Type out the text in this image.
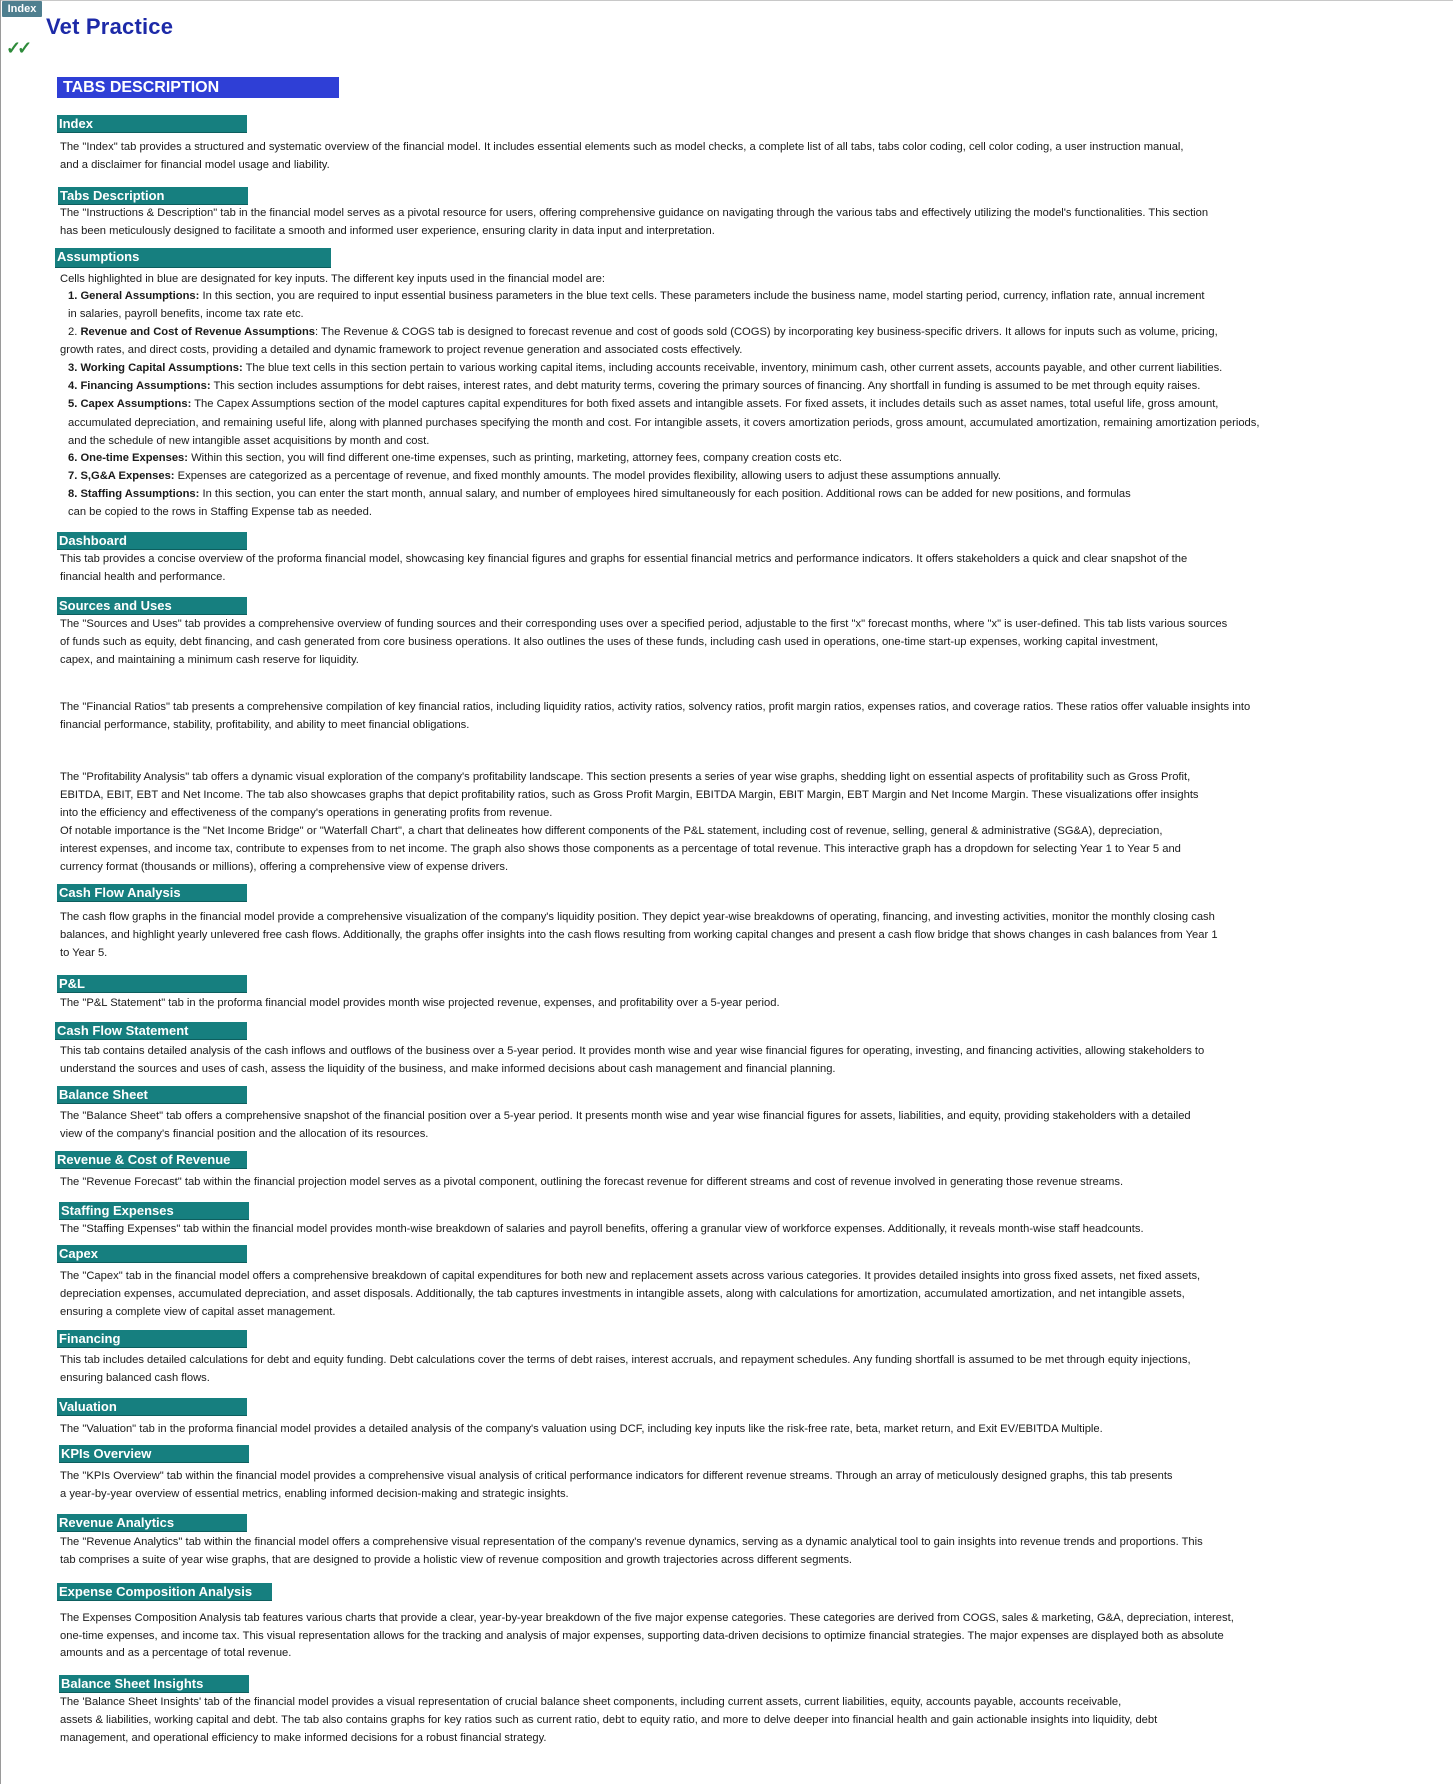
Index
Vet Practice
✓✓
TABS DESCRIPTION
Index
The "Index" tab provides a structured and systematic overview of the financial model. It includes essential elements such as model checks, a complete list of all tabs, tabs color coding, cell color coding, a user instruction manual,
and a disclaimer for financial model usage and liability.
Tabs Description
The "Instructions & Description" tab in the financial model serves as a pivotal resource for users, offering comprehensive guidance on navigating through the various tabs and effectively utilizing the model's functionalities. This section
has been meticulously designed to facilitate a smooth and informed user experience, ensuring clarity in data input and interpretation.
Assumptions
Cells highlighted in blue are designated for key inputs. The different key inputs used in the financial model are:
1. General Assumptions: In this section, you are required to input essential business parameters in the blue text cells. These parameters include the business name, model starting period, currency, inflation rate, annual increment
in salaries, payroll benefits, income tax rate etc.
2. Revenue and Cost of Revenue Assumptions: The Revenue & COGS tab is designed to forecast revenue and cost of goods sold (COGS) by incorporating key business-specific drivers. It allows for inputs such as volume, pricing,
growth rates, and direct costs, providing a detailed and dynamic framework to project revenue generation and associated costs effectively.
3. Working Capital Assumptions: The blue text cells in this section pertain to various working capital items, including accounts receivable, inventory, minimum cash, other current assets, accounts payable, and other current liabilities.
4. Financing Assumptions: This section includes assumptions for debt raises, interest rates, and debt maturity terms, covering the primary sources of financing. Any shortfall in funding is assumed to be met through equity raises.
5. Capex Assumptions: The Capex Assumptions section of the model captures capital expenditures for both fixed assets and intangible assets. For fixed assets, it includes details such as asset names, total useful life, gross amount,
accumulated depreciation, and remaining useful life, along with planned purchases specifying the month and cost. For intangible assets, it covers amortization periods, gross amount, accumulated amortization, remaining amortization periods,
and the schedule of new intangible asset acquisitions by month and cost.
6. One-time Expenses: Within this section, you will find different one-time expenses, such as printing, marketing, attorney fees, company creation costs etc.
7. S,G&A Expenses: Expenses are categorized as a percentage of revenue, and fixed monthly amounts. The model provides flexibility, allowing users to adjust these assumptions annually.
8. Staffing Assumptions: In this section, you can enter the start month, annual salary, and number of employees hired simultaneously for each position. Additional rows can be added for new positions, and formulas
can be copied to the rows in Staffing Expense tab as needed.
Dashboard
This tab provides a concise overview of the proforma financial model, showcasing key financial figures and graphs for essential financial metrics and performance indicators. It offers stakeholders a quick and clear snapshot of the
financial health and performance.
Sources and Uses
The "Sources and Uses" tab provides a comprehensive overview of funding sources and their corresponding uses over a specified period, adjustable to the first "x" forecast months, where "x" is user-defined. This tab lists various sources
of funds such as equity, debt financing, and cash generated from core business operations. It also outlines the uses of these funds, including cash used in operations, one-time start-up expenses, working capital investment,
capex, and maintaining a minimum cash reserve for liquidity.
The "Financial Ratios" tab presents a comprehensive compilation of key financial ratios, including liquidity ratios, activity ratios, solvency ratios, profit margin ratios, expenses ratios, and coverage ratios. These ratios offer valuable insights into
financial performance, stability, profitability, and ability to meet financial obligations.
The "Profitability Analysis" tab offers a dynamic visual exploration of the company's profitability landscape. This section presents a series of year wise graphs, shedding light on essential aspects of profitability such as Gross Profit,
EBITDA, EBIT, EBT and Net Income. The tab also showcases graphs that depict profitability ratios, such as Gross Profit Margin, EBITDA Margin, EBIT Margin, EBT Margin and Net Income Margin. These visualizations offer insights
into the efficiency and effectiveness of the company's operations in generating profits from revenue.
Of notable importance is the "Net Income Bridge" or "Waterfall Chart", a chart that delineates how different components of the P&L statement, including cost of revenue, selling, general & administrative (SG&A), depreciation,
interest expenses, and income tax, contribute to expenses from to net income. The graph also shows those components as a percentage of total revenue. This interactive graph has a dropdown for selecting Year 1 to Year 5 and
currency format (thousands or millions), offering a comprehensive view of expense drivers.
Cash Flow Analysis
The cash flow graphs in the financial model provide a comprehensive visualization of the company's liquidity position. They depict year-wise breakdowns of operating, financing, and investing activities, monitor the monthly closing cash
balances, and highlight yearly unlevered free cash flows. Additionally, the graphs offer insights into the cash flows resulting from working capital changes and present a cash flow bridge that shows changes in cash balances from Year 1
to Year 5.
P&L
The "P&L Statement" tab in the proforma financial model provides month wise projected revenue, expenses, and profitability over a 5-year period.
Cash Flow Statement
This tab contains detailed analysis of the cash inflows and outflows of the business over a 5-year period. It provides month wise and year wise financial figures for operating, investing, and financing activities, allowing stakeholders to
understand the sources and uses of cash, assess the liquidity of the business, and make informed decisions about cash management and financial planning.
Balance Sheet
The "Balance Sheet" tab offers a comprehensive snapshot of the financial position over a 5-year period. It presents month wise and year wise financial figures for assets, liabilities, and equity, providing stakeholders with a detailed
view of the company's financial position and the allocation of its resources.
Revenue & Cost of Revenue
The "Revenue Forecast" tab within the financial projection model serves as a pivotal component, outlining the forecast revenue for different streams and cost of revenue involved in generating those revenue streams.
Staffing Expenses
The "Staffing Expenses" tab within the financial model provides month-wise breakdown of salaries and payroll benefits, offering a granular view of workforce expenses. Additionally, it reveals month-wise staff headcounts.
Capex
The "Capex" tab in the financial model offers a comprehensive breakdown of capital expenditures for both new and replacement assets across various categories. It provides detailed insights into gross fixed assets, net fixed assets,
depreciation expenses, accumulated depreciation, and asset disposals. Additionally, the tab captures investments in intangible assets, along with calculations for amortization, accumulated amortization, and net intangible assets,
ensuring a complete view of capital asset management.
Financing
This tab includes detailed calculations for debt and equity funding. Debt calculations cover the terms of debt raises, interest accruals, and repayment schedules. Any funding shortfall is assumed to be met through equity injections,
ensuring balanced cash flows.
Valuation
The "Valuation" tab in the proforma financial model provides a detailed analysis of the company's valuation using DCF, including key inputs like the risk-free rate, beta, market return, and Exit EV/EBITDA Multiple.
KPIs Overview
The "KPIs Overview" tab within the financial model provides a comprehensive visual analysis of critical performance indicators for different revenue streams. Through an array of meticulously designed graphs, this tab presents
a year-by-year overview of essential metrics, enabling informed decision-making and strategic insights.
Revenue Analytics
The "Revenue Analytics" tab within the financial model offers a comprehensive visual representation of the company's revenue dynamics, serving as a dynamic analytical tool to gain insights into revenue trends and proportions. This
tab comprises a suite of year wise graphs, that are designed to provide a holistic view of revenue composition and growth trajectories across different segments.
Expense Composition Analysis
The Expenses Composition Analysis tab features various charts that provide a clear, year-by-year breakdown of the five major expense categories. These categories are derived from COGS, sales & marketing, G&A, depreciation, interest,
one-time expenses, and income tax. This visual representation allows for the tracking and analysis of major expenses, supporting data-driven decisions to optimize financial strategies. The major expenses are displayed both as absolute
amounts and as a percentage of total revenue.
Balance Sheet Insights
The 'Balance Sheet Insights' tab of the financial model provides a visual representation of crucial balance sheet components, including current assets, current liabilities, equity, accounts payable, accounts receivable,
assets & liabilities, working capital and debt. The tab also contains graphs for key ratios such as current ratio, debt to equity ratio, and more to delve deeper into financial health and gain actionable insights into liquidity, debt
management, and operational efficiency to make informed decisions for a robust financial strategy.
